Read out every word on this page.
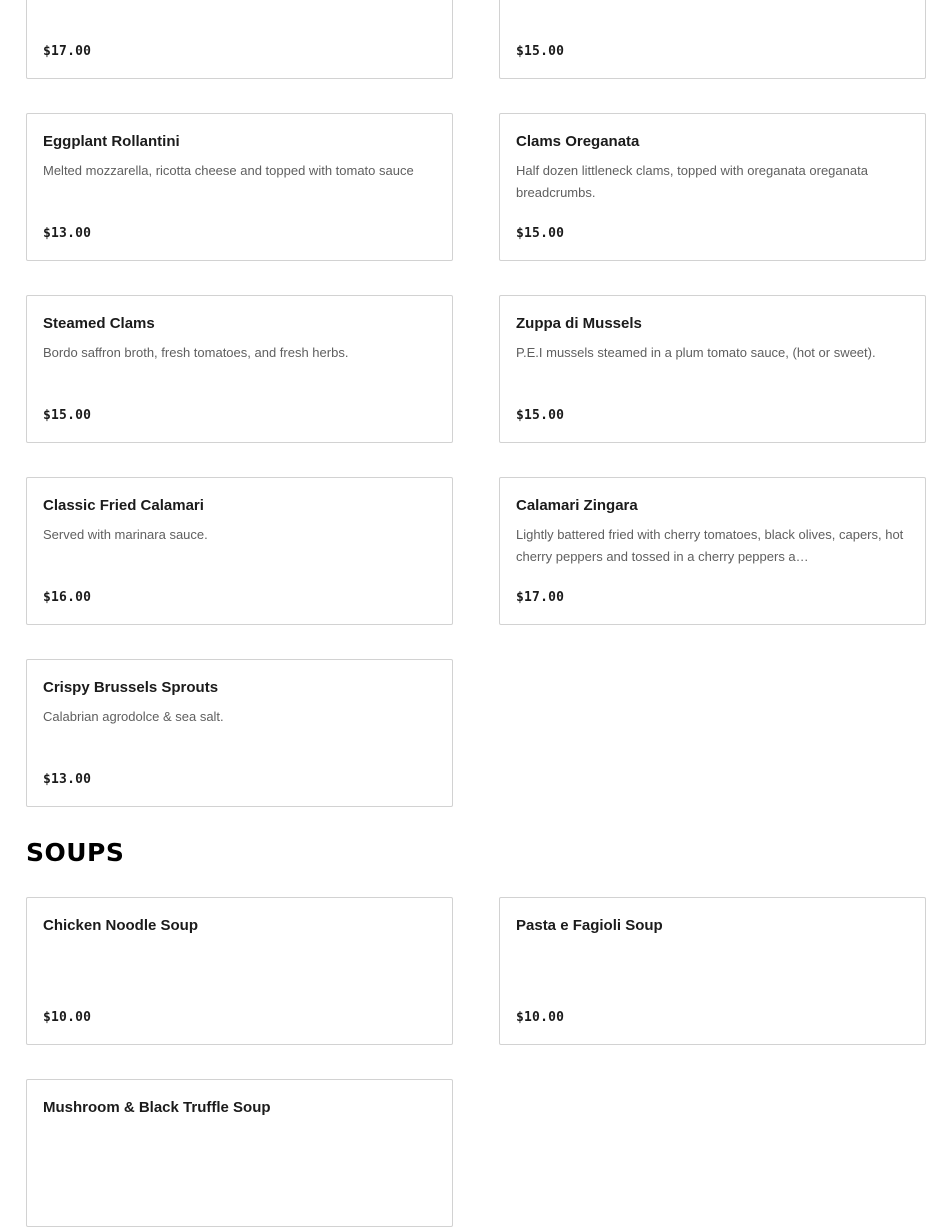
$17.00	$15.00
Eggplant Rollantini
Melted mozzarella, ricotta cheese and topped with tomato sauce
$13.00
Clams Oreganata
Half dozen littleneck clams, topped with oreganata oreganata breadcrumbs.
$15.00
Steamed Clams
Bordo saffron broth, fresh tomatoes, and fresh herbs.
$15.00
Zuppa di Mussels
P.E.I mussels steamed in a plum tomato sauce, (hot or sweet).
$15.00
Classic Fried Calamari
Served with marinara sauce.
$16.00
Calamari Zingara
Lightly battered fried with cherry tomatoes, black olives, capers, hot cherry peppers and tossed in a cherry peppers a…
$17.00
Crispy Brussels Sprouts
Calabrian agrodolce & sea salt.
$13.00
SOUPS
Chicken Noodle Soup
$10.00
Pasta e Fagioli Soup
$10.00
Mushroom & Black Truffle Soup
